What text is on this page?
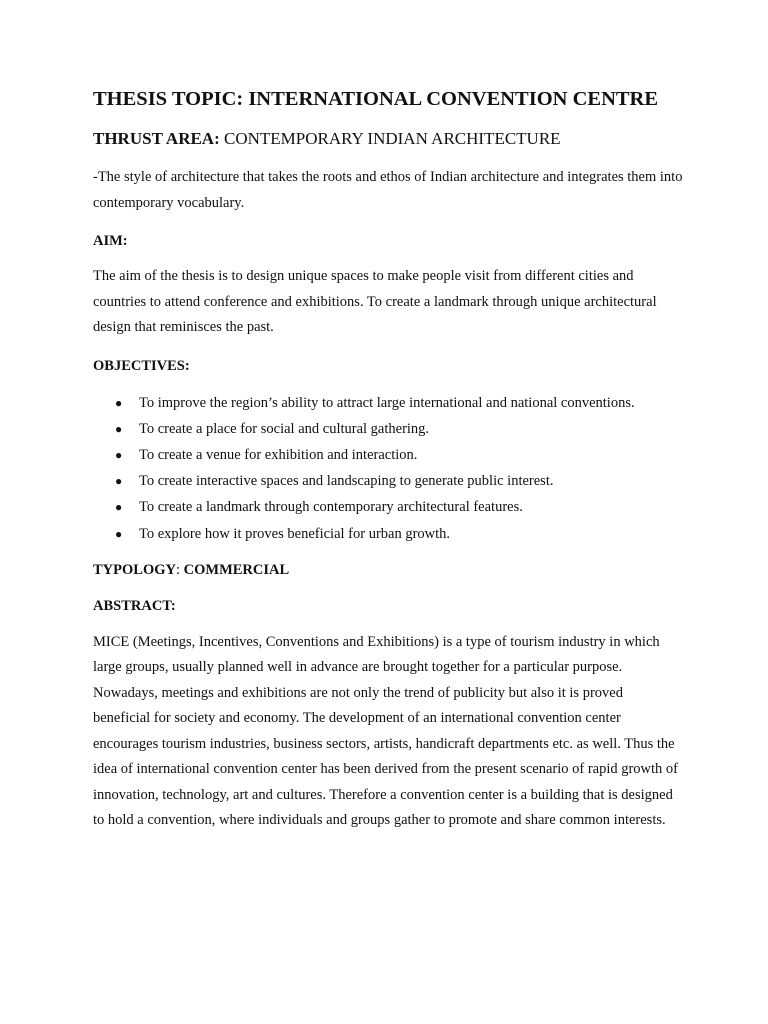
THESIS TOPIC: INTERNATIONAL CONVENTION CENTRE
THRUST AREA: CONTEMPORARY INDIAN ARCHITECTURE

-The style of architecture that takes the roots and ethos of Indian architecture and integrates them into contemporary vocabulary.

AIM:

The aim of the thesis is to design unique spaces to make people visit from different cities and countries to attend conference and exhibitions. To create a landmark through unique architectural design that reminisces the past.

OBJECTIVES:
● To improve the region’s ability to attract large international and national conventions.
● To create a place for social and cultural gathering.
● To create a venue for exhibition and interaction.
● To create interactive spaces and landscaping to generate public interest.
● To create a landmark through contemporary architectural features.
● To explore how it proves beneficial for urban growth.
TYPOLOGY: COMMERCIAL
ABSTRACT:

MICE (Meetings, Incentives, Conventions and Exhibitions) is a type of tourism industry in which large groups, usually planned well in advance are brought together for a particular purpose. Nowadays, meetings and exhibitions are not only the trend of publicity but also it is proved beneficial for society and economy. The development of an international convention center encourages tourism industries, business sectors, artists, handicraft departments etc. as well. Thus the idea of international convention center has been derived from the present scenario of rapid growth of innovation, technology, art and cultures. Therefore a convention center is a building that is designed to hold a convention, where individuals and groups gather to promote and share common interests.
